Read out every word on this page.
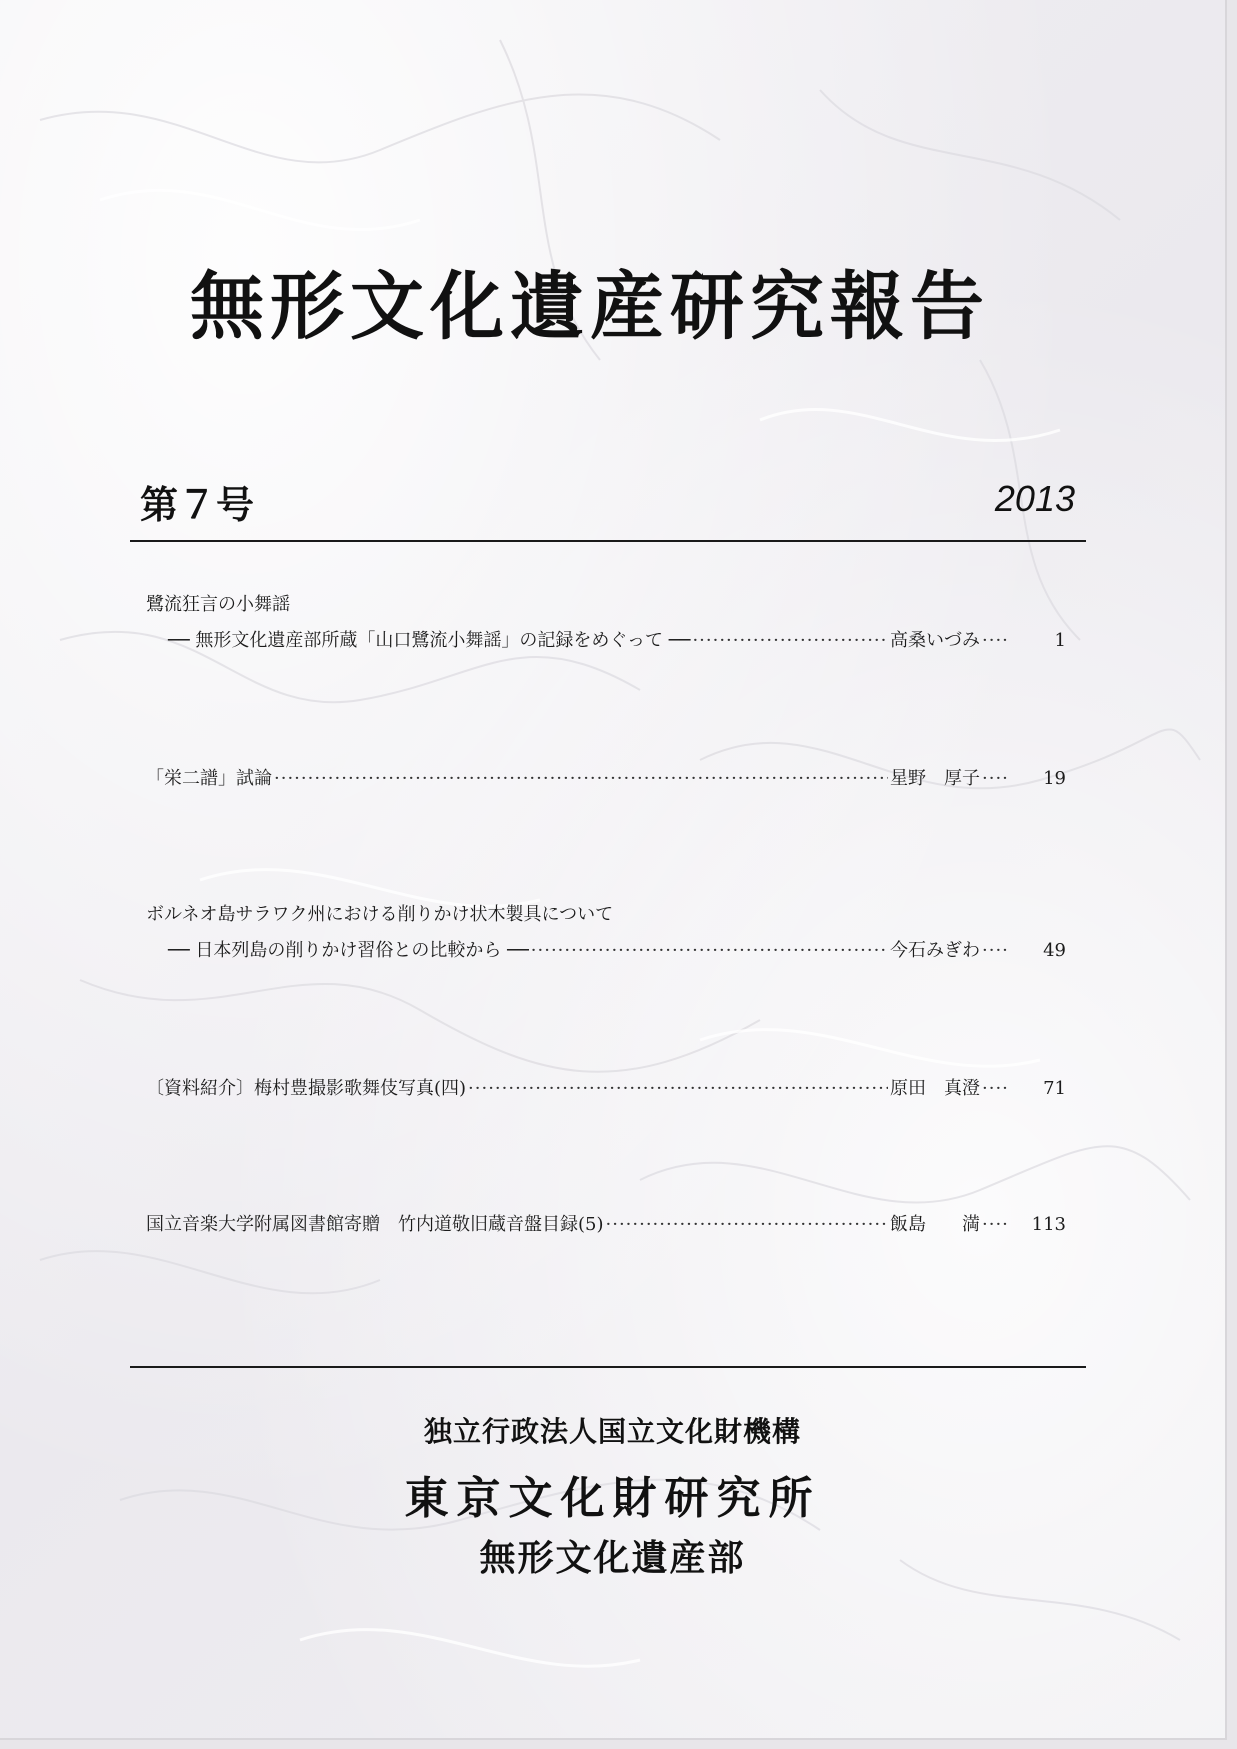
無形文化遺産研究報告
第７号	2013
鷺流狂言の小舞謡
── 無形文化遺産部所蔵「山口鷺流小舞謡」の記録をめぐって ── ·····	高桑いづみ ·····	1
「栄二譜」試論 ·····	星野　厚子 ·····	19
ボルネオ島サラワク州における削りかけ状木製具について
── 日本列島の削りかけ習俗との比較から ── ·····	今石みぎわ ·····	49
〔資料紹介〕梅村豊撮影歌舞伎写真(四) ·····	原田　真澄 ·····	71
国立音楽大学附属図書館寄贈　竹内道敬旧蔵音盤目録(5) ·····	飯島　　満 ·····	113
独立行政法人国立文化財機構
東京文化財研究所
無形文化遺産部
